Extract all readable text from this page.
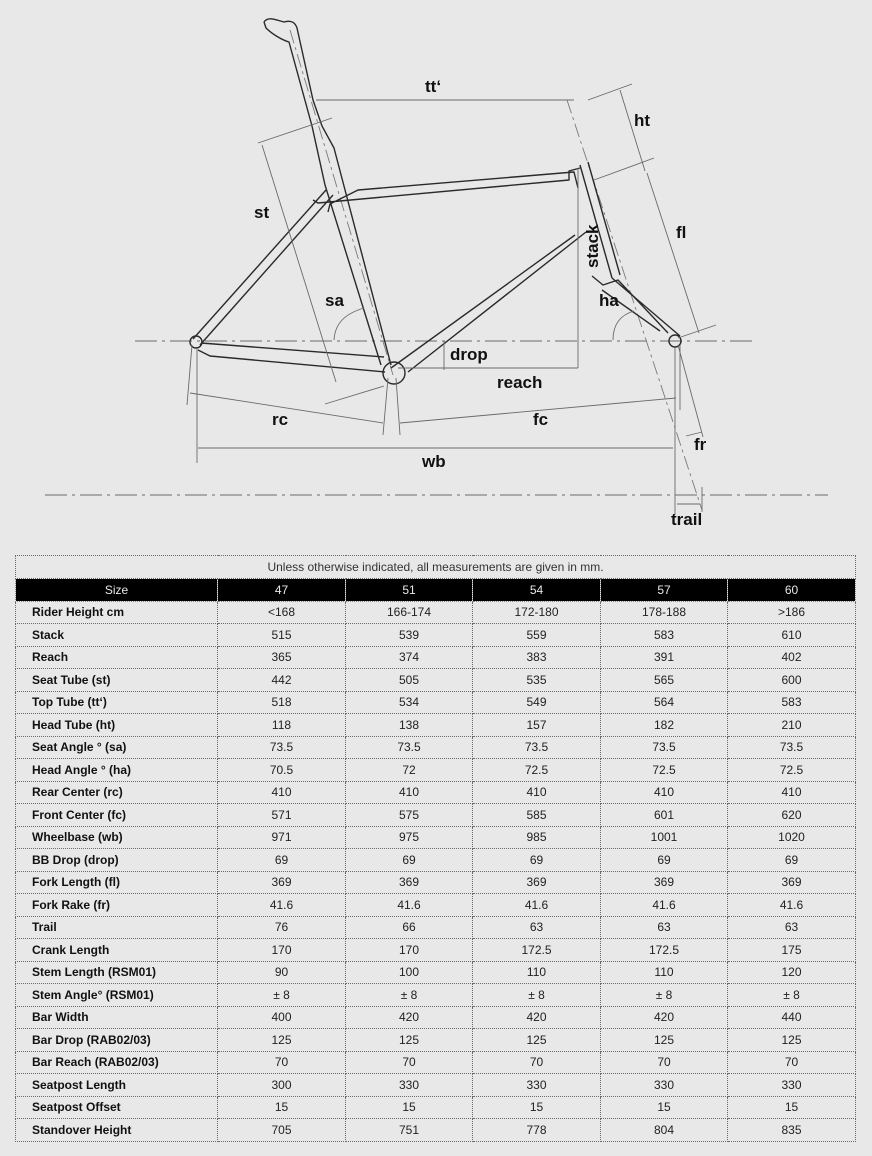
tt‘
ht
st
stack	fl
sa	ha
drop
reach
rc	fc
fr
wb
trail
Unless otherwise indicated, all measurements are given in mm.					
Size	47	51	54	57	60
Rider Height cm	<168	166-174	172-180	178-188	>186
Stack	515	539	559	583	610
Reach	365	374	383	391	402
Seat Tube (st)	442	505	535	565	600
Top Tube (tt‘)	518	534	549	564	583
Head Tube (ht)	118	138	157	182	210
Seat Angle ° (sa)	73.5	73.5	73.5	73.5	73.5
Head Angle ° (ha)	70.5	72	72.5	72.5	72.5
Rear Center (rc)	410	410	410	410	410
Front Center (fc)	571	575	585	601	620
Wheelbase (wb)	971	975	985	1001	1020
BB Drop (drop)	69	69	69	69	69
Fork Length (fl)	369	369	369	369	369
Fork Rake (fr)	41.6	41.6	41.6	41.6	41.6
Trail	76	66	63	63	63
Crank Length	170	170	172.5	172.5	175
Stem Length (RSM01)	90	100	110	110	120
Stem Angle° (RSM01)	± 8	± 8	± 8	± 8	± 8
Bar Width	400	420	420	420	440
Bar Drop (RAB02/03)	125	125	125	125	125
Bar Reach (RAB02/03)	70	70	70	70	70
Seatpost Length	300	330	330	330	330
Seatpost Offset	15	15	15	15	15
Standover Height	705	751	778	804	835
